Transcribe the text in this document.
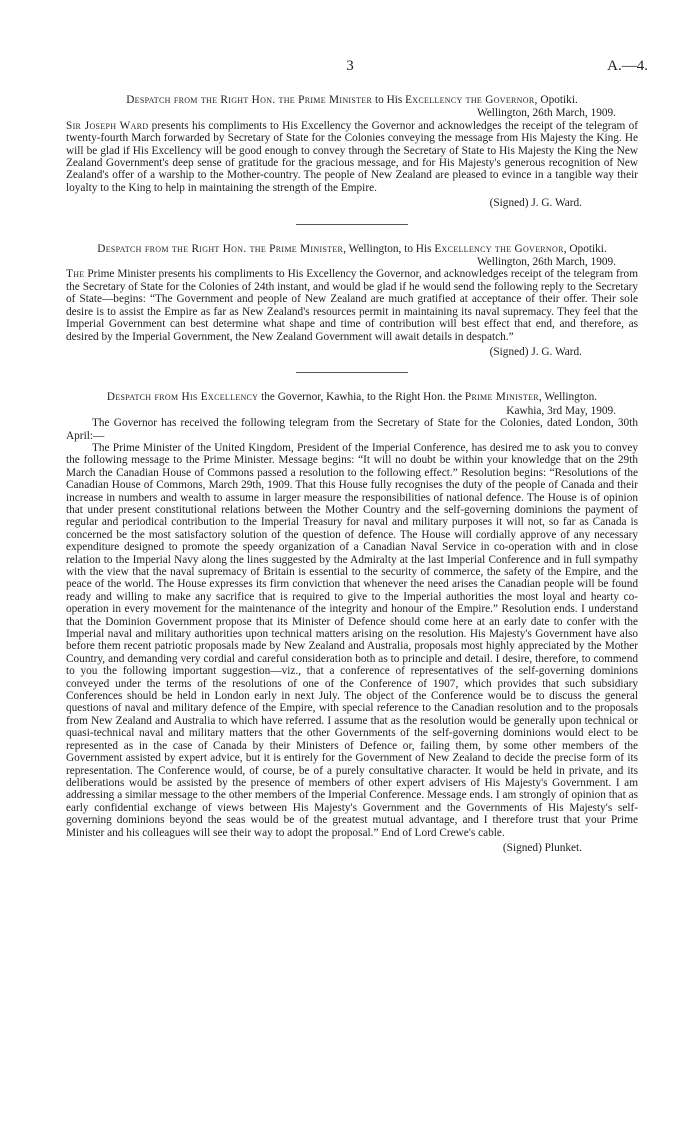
3	A.—4.
Despatch from the Right Hon. the Prime Minister to His Excellency the Governor, Opotiki.
Wellington, 26th March, 1909.

Sir Joseph Ward presents his compliments to His Excellency the Governor and acknowledges the receipt of the telegram of twenty-fourth March forwarded by Secretary of State for the Colonies conveying the message from His Majesty the King. He will be glad if His Excellency will be good enough to convey through the Secretary of State to His Majesty the King the New Zealand Government's deep sense of gratitude for the gracious message, and for His Majesty's generous recognition of New Zealand's offer of a warship to the Mother-country. The people of New Zealand are pleased to evince in a tangible way their loyalty to the King to help in maintaining the strength of the Empire.

(Signed) J. G. Ward.
Despatch from the Right Hon. the Prime Minister, Wellington, to His Excellency the Governor, Opotiki.
Wellington, 26th March, 1909.

The Prime Minister presents his compliments to His Excellency the Governor, and acknowledges receipt of the telegram from the Secretary of State for the Colonies of 24th instant, and would be glad if he would send the following reply to the Secretary of State—begins: “The Government and people of New Zealand are much gratified at acceptance of their offer. Their sole desire is to assist the Empire as far as New Zealand's resources permit in maintaining its naval supremacy. They feel that the Imperial Government can best determine what shape and time of contribution will best effect that end, and therefore, as desired by the Imperial Government, the New Zealand Government will await details in despatch.”

(Signed) J. G. Ward.
Despatch from His Excellency the Governor, Kawhia, to the Right Hon. the Prime Minister, Wellington.
Kawhia, 3rd May, 1909.

The Governor has received the following telegram from the Secretary of State for the Colonies, dated London, 30th April:—

The Prime Minister of the United Kingdom, President of the Imperial Conference, has desired me to ask you to convey the following message to the Prime Minister. Message begins: “It will no doubt be within your knowledge that on the 29th March the Canadian House of Commons passed a resolution to the following effect.” Resolution begins: “Resolutions of the Canadian House of Commons, March 29th, 1909. That this House fully recognises the duty of the people of Canada and their increase in numbers and wealth to assume in larger measure the responsibilities of national defence. The House is of opinion that under present constitutional relations between the Mother Country and the self-governing dominions the payment of regular and periodical contribution to the Imperial Treasury for naval and military purposes it will not, so far as Canada is concerned be the most satisfactory solution of the question of defence. The House will cordially approve of any necessary expenditure designed to promote the speedy organization of a Canadian Naval Service in co-operation with and in close relation to the Imperial Navy along the lines suggested by the Admiralty at the last Imperial Conference and in full sympathy with the view that the naval supremacy of Britain is essential to the security of commerce, the safety of the Empire, and the peace of the world. The House expresses its firm conviction that whenever the need arises the Canadian people will be found ready and willing to make any sacrifice that is required to give to the Imperial authorities the most loyal and hearty co-operation in every movement for the maintenance of the integrity and honour of the Empire.” Resolution ends. I understand that the Dominion Government propose that its Minister of Defence should come here at an early date to confer with the Imperial naval and military authorities upon technical matters arising on the resolution. His Majesty's Government have also before them recent patriotic proposals made by New Zealand and Australia, proposals most highly appreciated by the Mother Country, and demanding very cordial and careful consideration both as to principle and detail. I desire, therefore, to commend to you the following important suggestion—viz., that a conference of representatives of the self-governing dominions conveyed under the terms of the resolutions of one of the Conference of 1907, which provides that such subsidiary Conferences should be held in London early in next July. The object of the Conference would be to discuss the general questions of naval and military defence of the Empire, with special reference to the Canadian resolution and to the proposals from New Zealand and Australia to which have referred. I assume that as the resolution would be generally upon technical or quasi-technical naval and military matters that the other Governments of the self-governing dominions would elect to be represented as in the case of Canada by their Ministers of Defence or, failing them, by some other members of the Government assisted by expert advice, but it is entirely for the Government of New Zealand to decide the precise form of its representation. The Conference would, of course, be of a purely consultative character. It would be held in private, and its deliberations would be assisted by the presence of members of other expert advisers of His Majesty's Government. I am addressing a similar message to the other members of the Imperial Conference. Message ends. I am strongly of opinion that as early confidential exchange of views between His Majesty's Government and the Governments of His Majesty's self-governing dominions beyond the seas would be of the greatest mutual advantage, and I therefore trust that your Prime Minister and his colleagues will see their way to adopt the proposal.” End of Lord Crewe's cable.

(Signed) Plunket.
